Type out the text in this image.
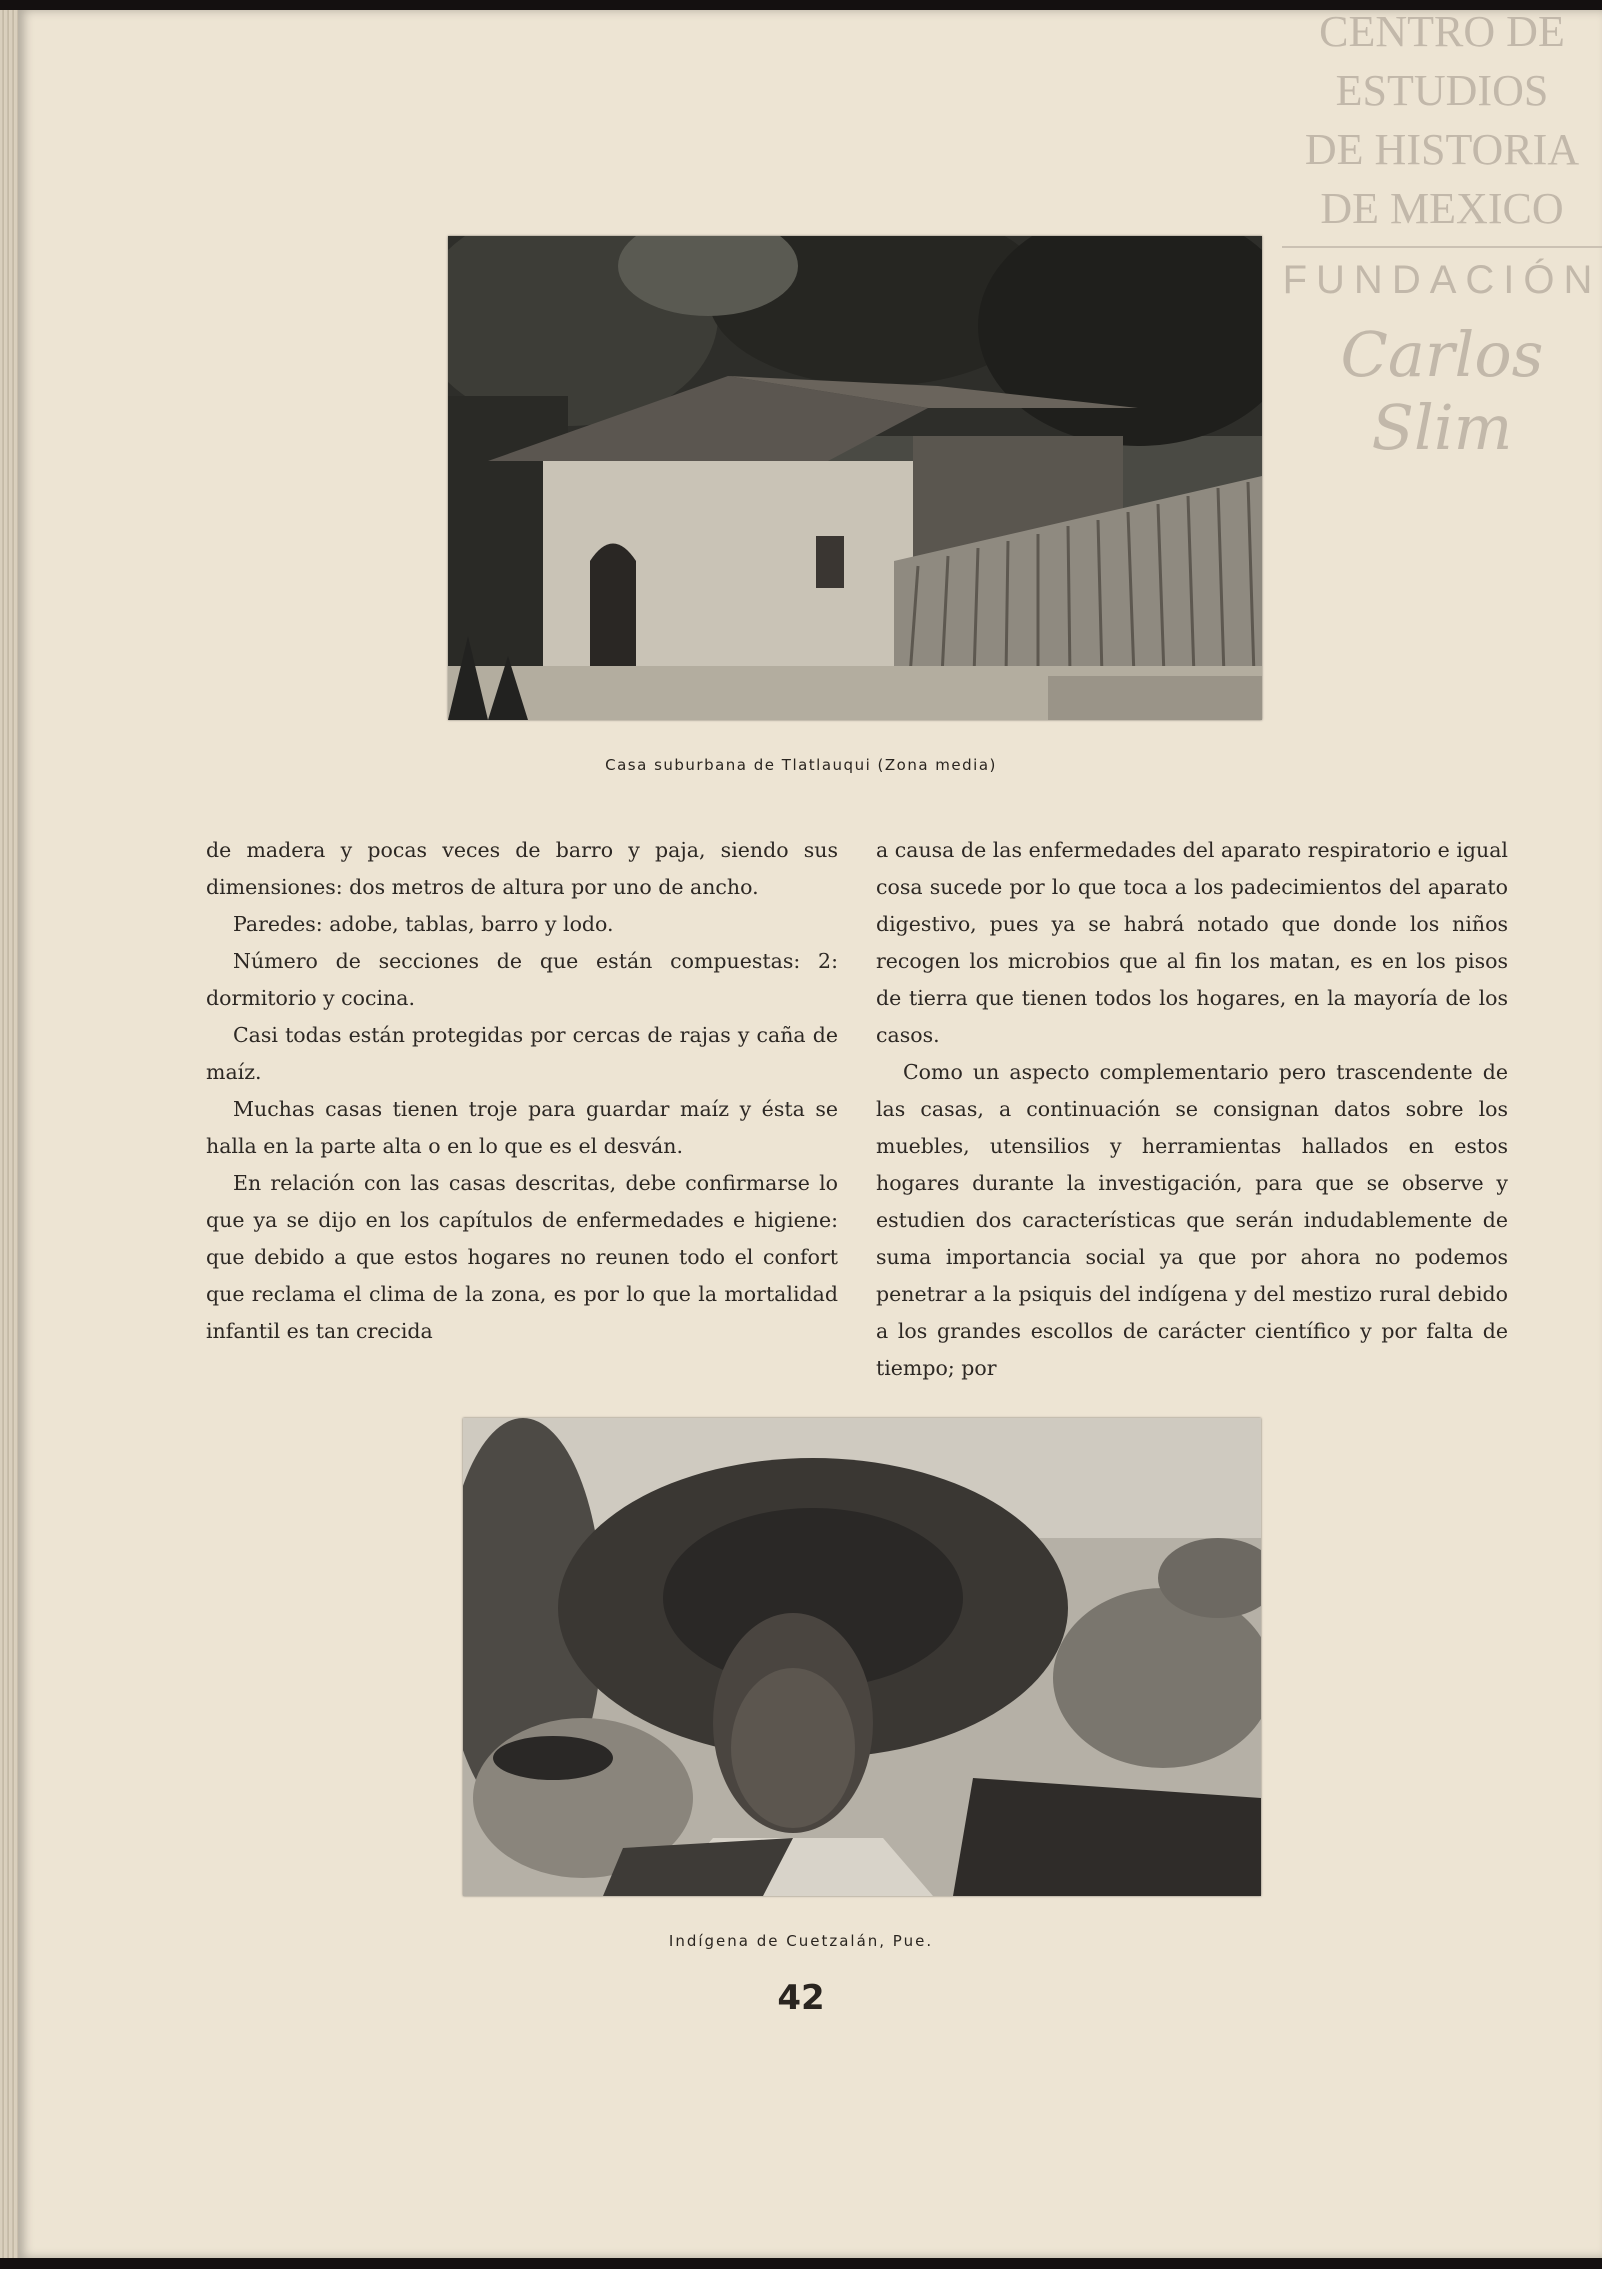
CENTRO DE
ESTUDIOS
DE HISTORIA
DE MEXICO
FUNDACIÓN
Carlos Slim
Casa suburbana de Tlatlauqui (Zona media)

de madera y pocas veces de barro y paja, siendo sus dimensiones: dos metros de altura por uno de ancho.

Paredes: adobe, tablas, barro y lodo.

Número de secciones de que están compuestas: 2: dormitorio y cocina.

Casi todas están protegidas por cercas de rajas y caña de maíz.

Muchas casas tienen troje para guardar maíz y ésta se halla en la parte alta o en lo que es el desván.

En relación con las casas descritas, debe confirmarse lo que ya se dijo en los capítulos de enfermedades e higiene: que debido a que estos hogares no reunen todo el confort que reclama el clima de la zona, es por lo que la mortalidad infantil es tan crecida

a causa de las enfermedades del aparato respiratorio e igual cosa sucede por lo que toca a los padecimientos del aparato digestivo, pues ya se habrá notado que donde los niños recogen los microbios que al fin los matan, es en los pisos de tierra que tienen todos los hogares, en la mayoría de los casos.

Como un aspecto complementario pero trascendente de las casas, a continuación se consignan datos sobre los muebles, utensilios y herramientas hallados en estos hogares durante la investigación, para que se observe y estudien dos características que serán indudablemente de suma importancia social ya que por ahora no podemos penetrar a la psiquis del indígena y del mestizo rural debido a los grandes escollos de carácter científico y por falta de tiempo; por

Indígena de Cuetzalán, Pue.
42
